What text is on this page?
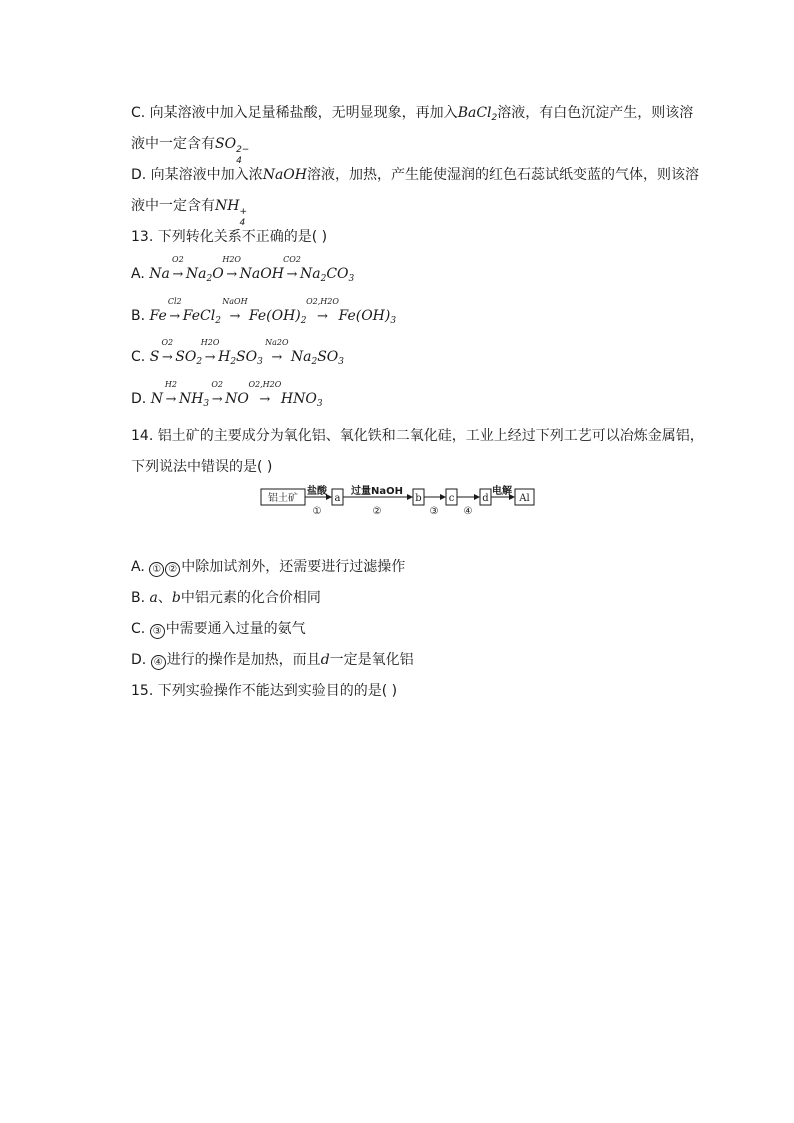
C. 向某溶液中加入足量稀盐酸，无明显现象，再加入BaCl$_2$溶液，有白色沉淀产生，则该溶
液中一定含有SO 2−
4
D. 向某溶液中加入浓NaOH溶液，加热，产生能使湿润的红色石蕊试纸变蓝的气体，则该溶
液中一定含有NH +
4
13. 下列转化关系不正确的是( )
A. Na
O2
→ $Na_2O$
H2O
→ NaOH
CO2
→ $Na_2CO_3$
B. Fe
Cl2
→ FeCl$_2$
NaOH
→ $Fe(OH)_2$
O2,H2O
→ $Fe(OH)_3$
C. S
O2
→ $SO_2$
H2O
→ $H_2SO_3$
Na2O
→ $Na_2SO_3$
D. N
H2
→ $NH_3$
O2
→ NO
O2,H2O
→ $HNO_3$
14. 铝土矿的主要成分为氧化铝、氧化铁和二氧化硅，工业上经过下列工艺可以冶炼金属铝，
下列说法中错误的是( )
铝土矿
盐酸
①
a
过量NaOH
②
b
③
c
④
d
电解
Al
A. ① ② 中除加试剂外，还需要进行过滤操作
B. a、b中铝元素的化合价相同
C. ③ 中需要通入过量的氨气
D. ④ 进行的操作是加热，而且d一定是氧化铝
15. 下列实验操作不能达到实验目的的是( )
